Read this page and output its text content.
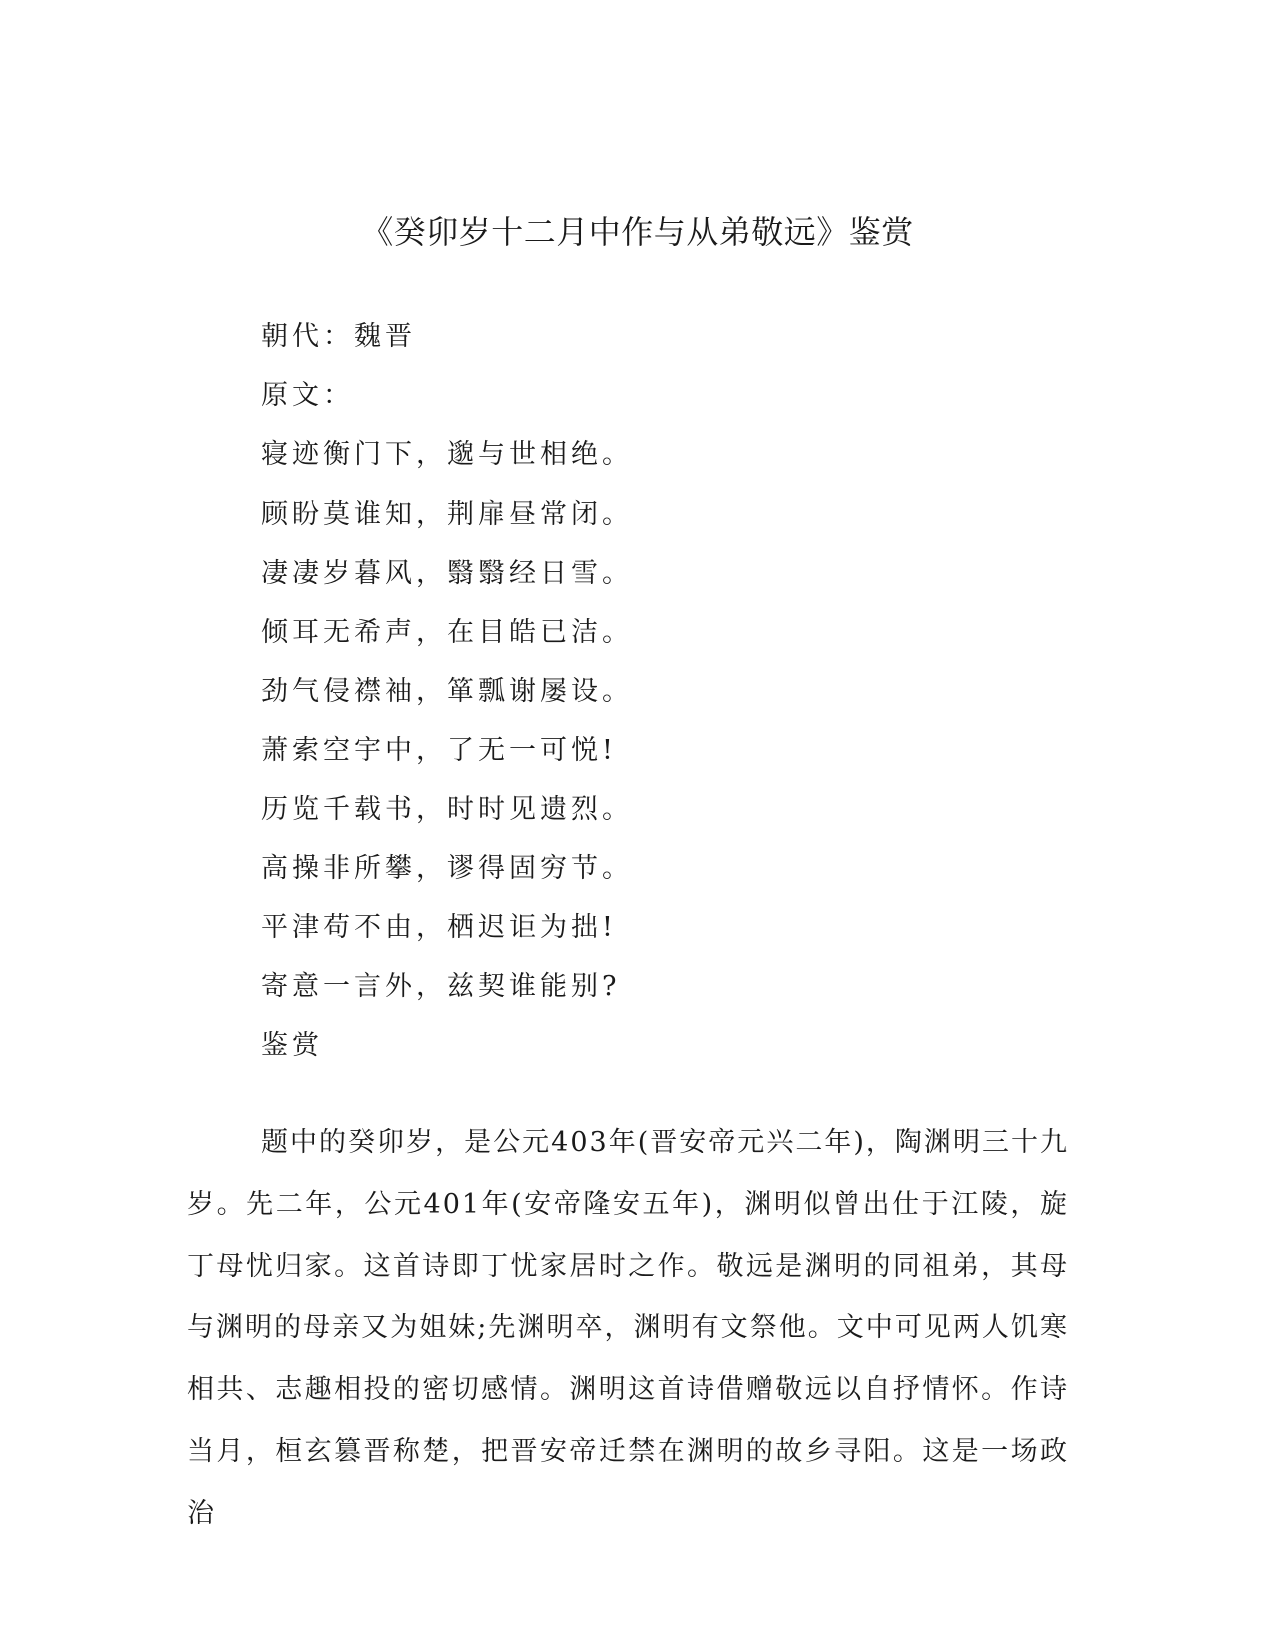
《癸卯岁十二月中作与从弟敬远》鉴赏

朝代：魏晋

原文：

寝迹衡门下，邈与世相绝。

顾盼莫谁知，荆扉昼常闭。

凄凄岁暮风，翳翳经日雪。

倾耳无希声，在目皓已洁。

劲气侵襟袖，箪瓢谢屡设。

萧索空宇中，了无一可悦!

历览千载书，时时见遗烈。

高操非所攀，谬得固穷节。

平津苟不由，栖迟讵为拙!

寄意一言外，兹契谁能别?

鉴赏

题中的癸卯岁，是公元403年(晋安帝元兴二年)，陶渊明三十九岁。先二年，公元401年(安帝隆安五年)，渊明似曾出仕于江陵，旋丁母忧归家。这首诗即丁忧家居时之作。敬远是渊明的同祖弟，其母与渊明的母亲又为姐妹;先渊明卒，渊明有文祭他。文中可见两人饥寒相共、志趣相投的密切感情。渊明这首诗借赠敬远以自抒情怀。作诗当月，桓玄篡晋称楚，把晋安帝迁禁在渊明的故乡寻阳。这是一场政治
